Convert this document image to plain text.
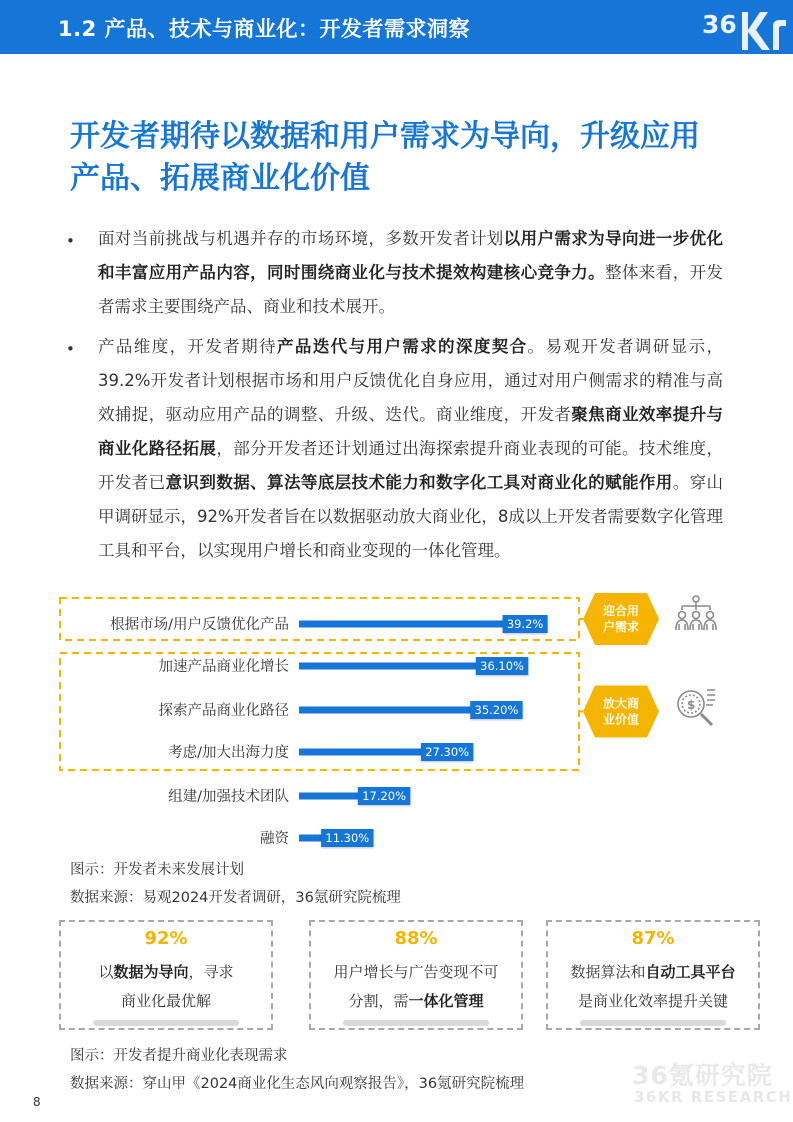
1.2 产品、技术与商业化：开发者需求洞察	36
开发者期待以数据和用户需求为导向，升级应用
产品、拓展商业化价值
• 面对当前挑战与机遇并存的市场环境，多数开发者计划以用户需求为导向进一步优化和丰富应用产品内容，同时围绕商业化与技术提效构建核心竞争力。整体来看，开发者需求主要围绕产品、商业和技术展开。
• 产品维度，开发者期待产品迭代与用户需求的深度契合。易观开发者调研显示，39.2%开发者计划根据市场和用户反馈优化自身应用，通过对用户侧需求的精准与高效捕捉，驱动应用产品的调整、升级、迭代。商业维度，开发者聚焦商业效率提升与商业化路径拓展，部分开发者还计划通过出海探索提升商业表现的可能。技术维度，开发者已意识到数据、算法等底层技术能力和数字化工具对商业化的赋能作用。穿山甲调研显示，92%开发者旨在以数据驱动放大商业化，8成以上开发者需要数字化管理工具和平台，以实现用户增长和商业变现的一体化管理。
根据市场/用户反馈优化产品	39.2%
加速产品商业化增长	36.10%
探索产品商业化路径	35.20%
考虑/加大出海力度	27.30%
组建/加强技术团队	17.20%
融资	11.30%
迎合用
户需求
放大商
业价值
$
图示：开发者未来发展计划
数据来源：易观2024开发者调研，36氪研究院梳理
92%
以数据为导向，寻求
商业化最优解
88%
用户增长与广告变现不可
分割，需一体化管理
87%
数据算法和自动工具平台
是商业化效率提升关键
图示：开发者提升商业化表现需求
数据来源：穿山甲《2024商业化生态风向观察报告》，36氪研究院梳理	36氪研究院
36KR RESEARCH
8
